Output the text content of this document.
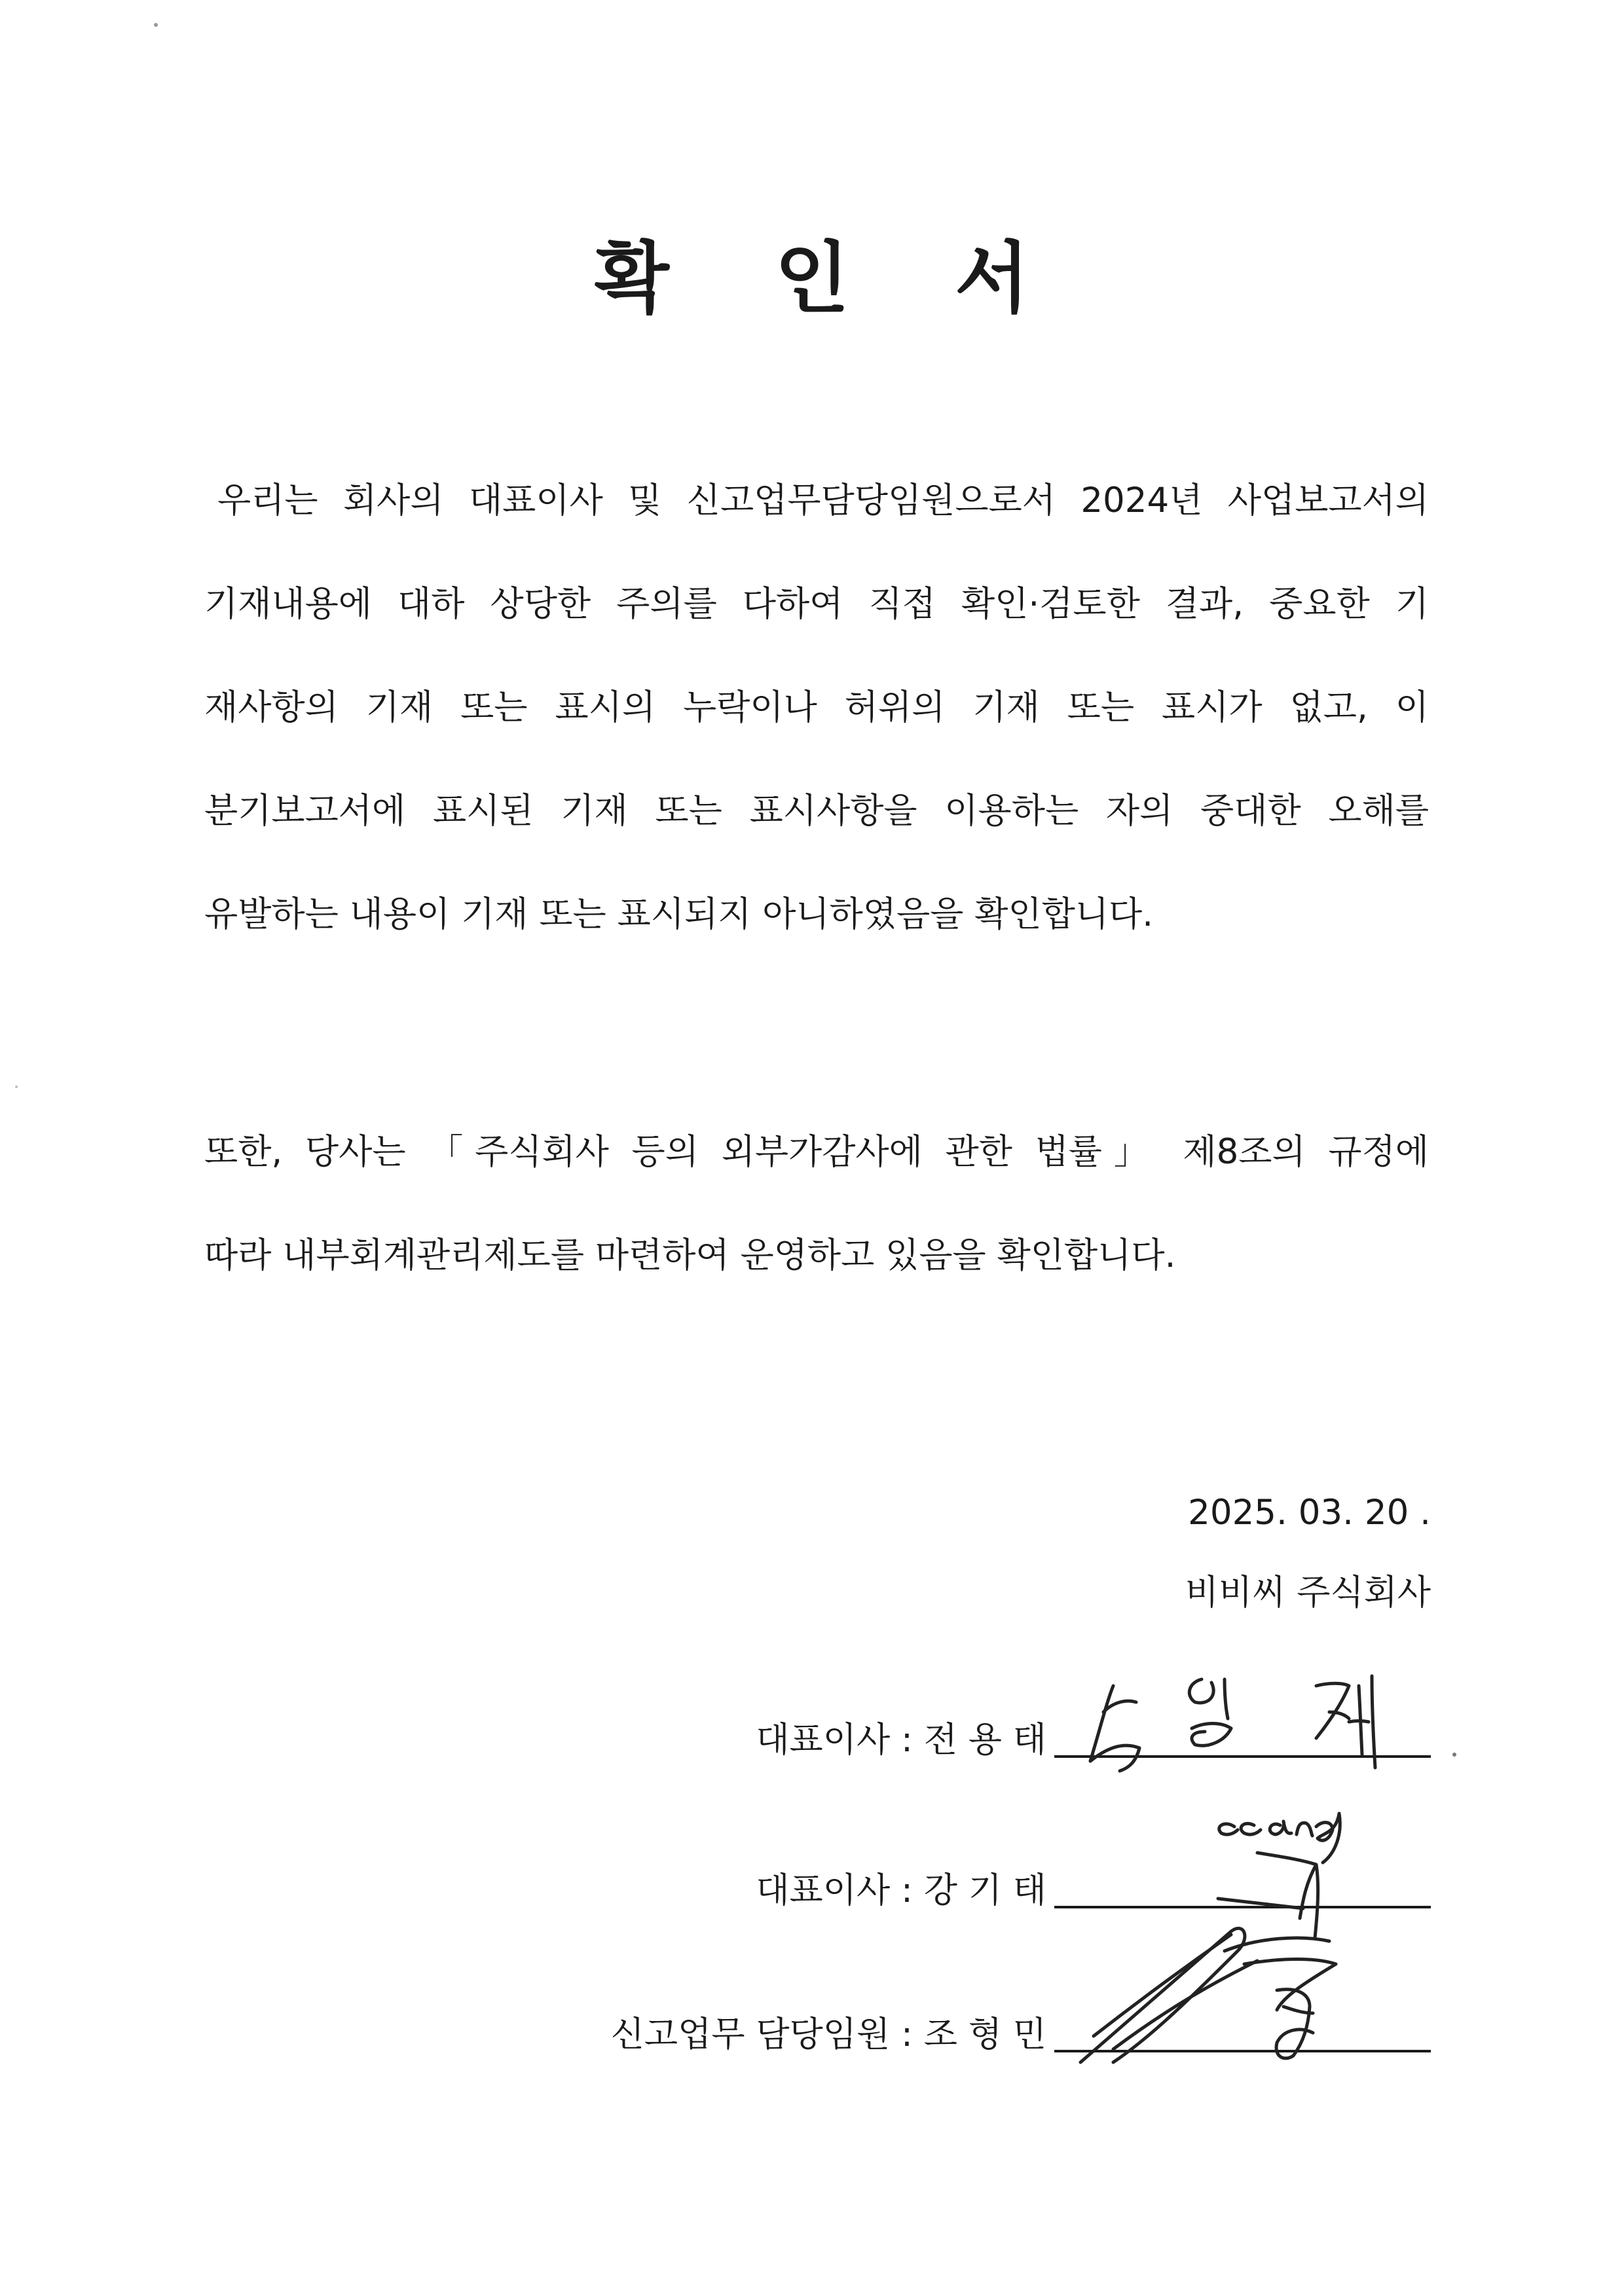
확 인 서
우리는 회사의 대표이사 및 신고업무담당임원으로서 2024년 사업보고서의
기재내용에 대하 상당한 주의를 다하여 직접 확인·검토한 결과, 중요한 기
재사항의 기재 또는 표시의 누락이나 허위의 기재 또는 표시가 없고, 이
분기보고서에 표시된 기재 또는 표시사항을 이용하는 자의 중대한 오해를
유발하는 내용이 기재 또는 표시되지 아니하였음을 확인합니다.
또한, 당사는 「주식회사 등의 외부가감사에 관한 법률」 제8조의 규정에
따라 내부회계관리제도를 마련하여 운영하고 있음을 확인합니다.

2025. 03. 20 .

비비씨 주식회사

대표이사 : 전 용 태
대표이사 : 강 기 태
신고업무 담당임원 : 조 형 민
